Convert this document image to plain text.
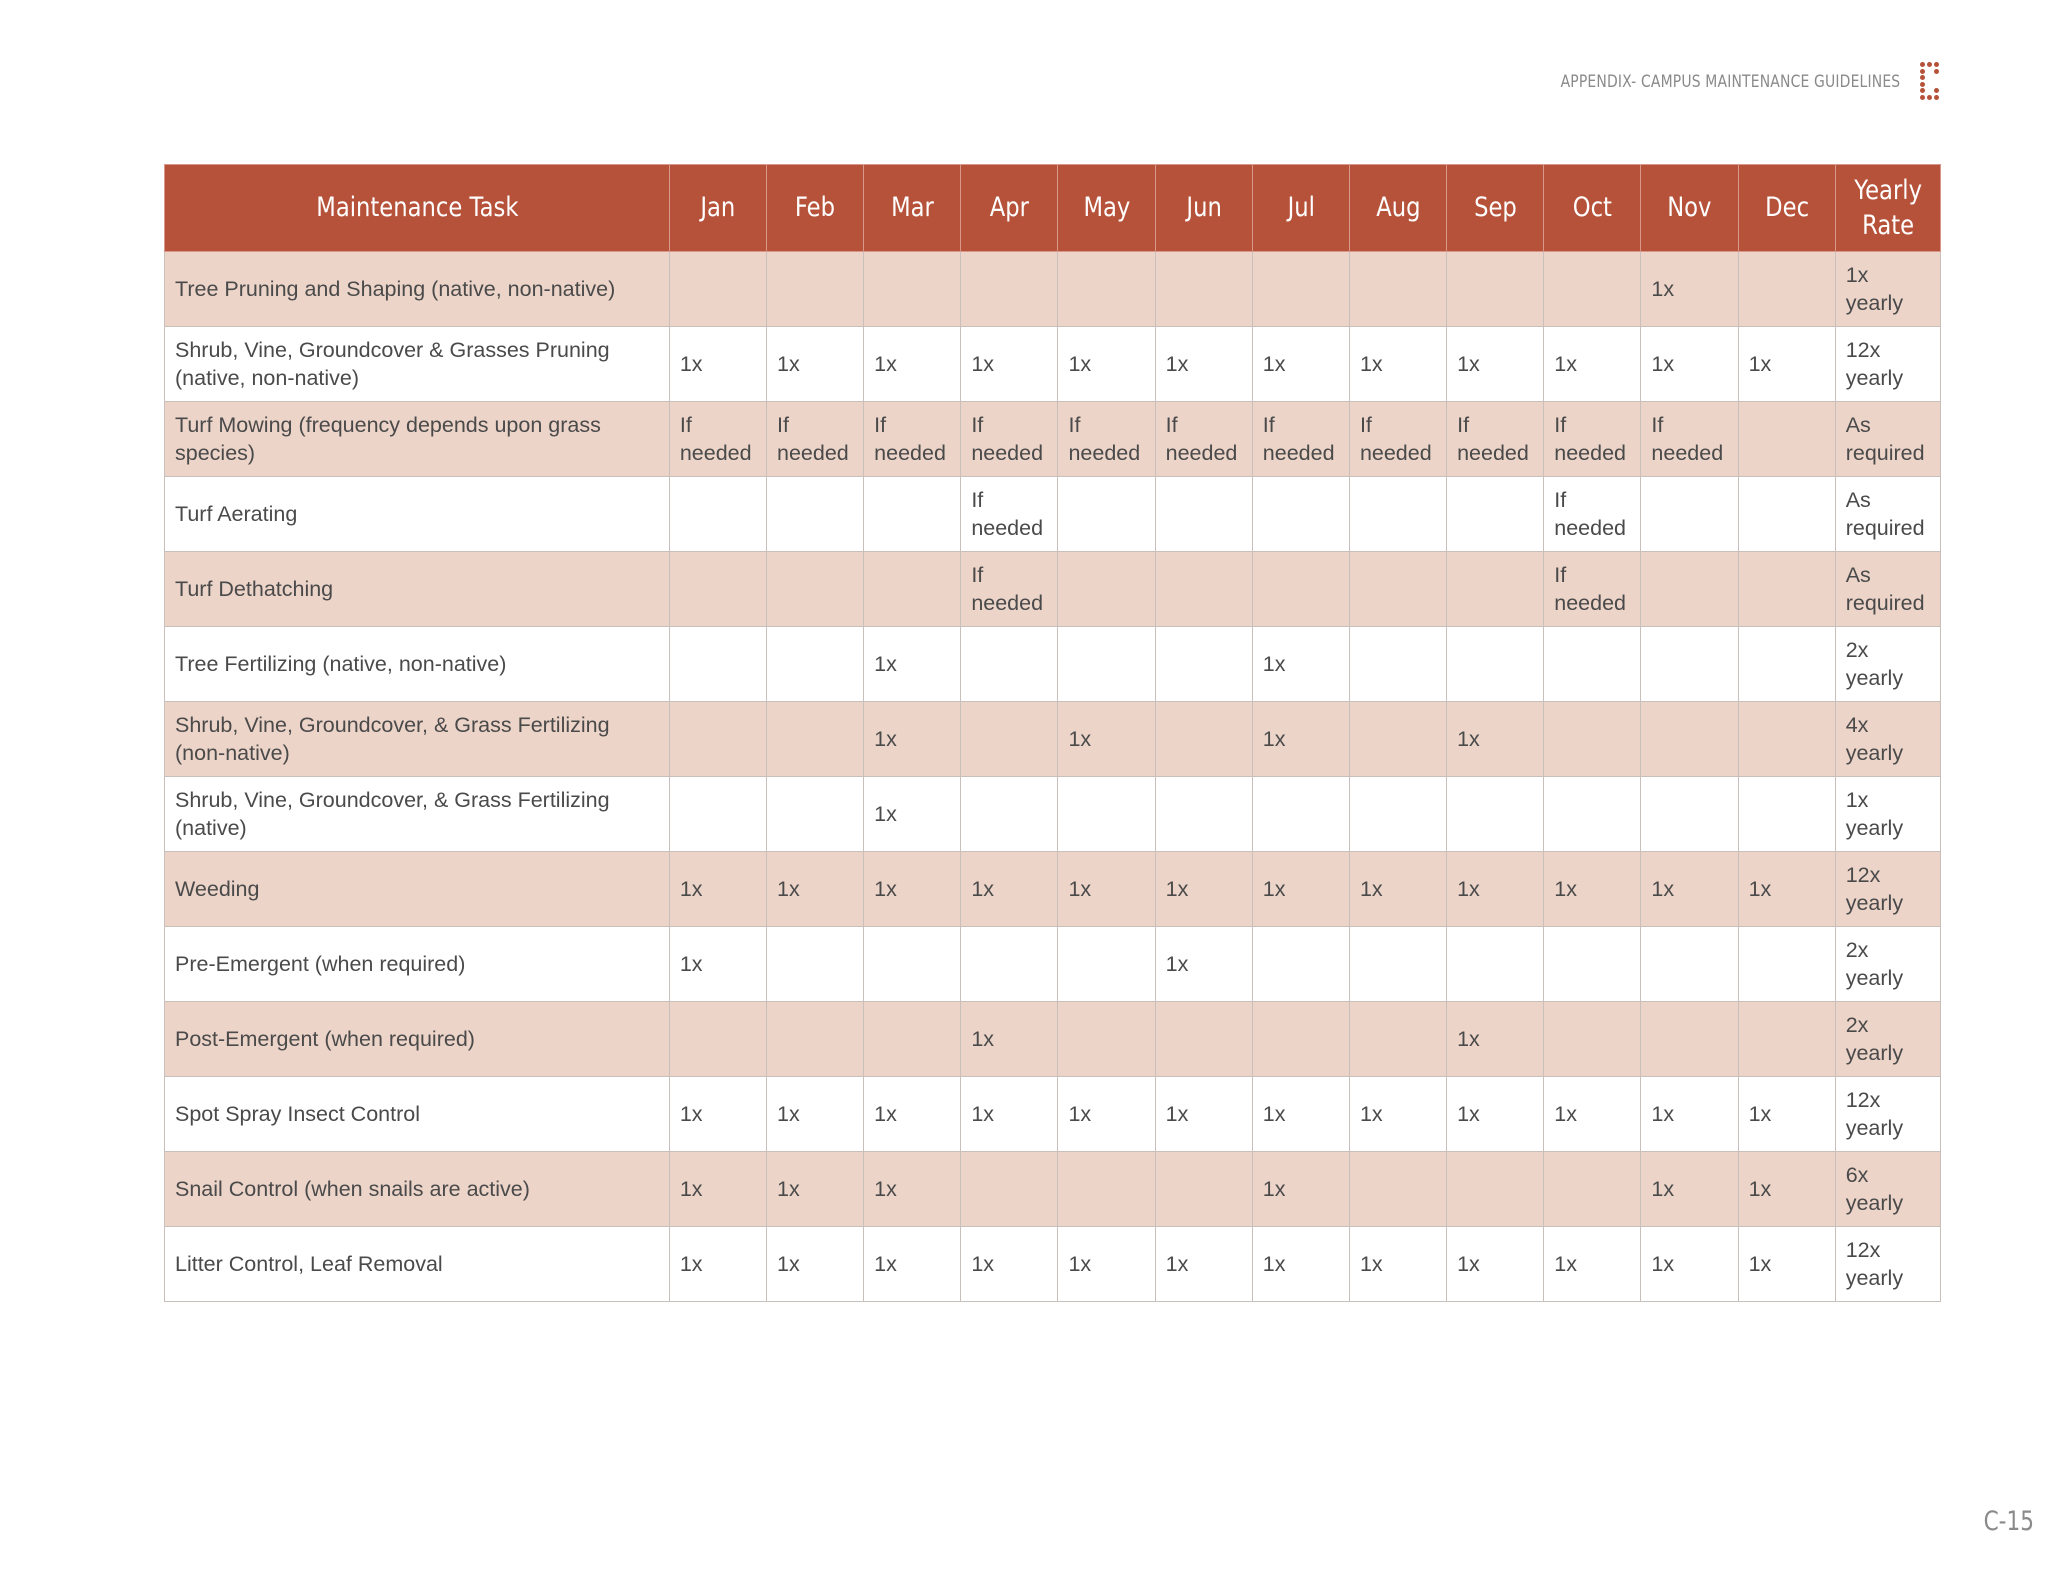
APPENDIX- CAMPUS MAINTENANCE GUIDELINES
Maintenance Task	Jan	Feb	Mar	Apr	May	Jun	Jul	Aug	Sep	Oct	Nov	Dec	Yearly Rate
Tree Pruning and Shaping (native, non-native)											1x		1x yearly
Shrub, Vine, Groundcover & Grasses Pruning (native, non-native)	1x	1x	1x	1x	1x	1x	1x	1x	1x	1x	1x	1x	12x yearly
Turf Mowing (frequency depends upon grass species)	If needed	If needed	If needed	If needed	If needed	If needed	If needed	If needed	If needed	If needed	If needed		As required
Turf Aerating				If needed						If needed			As required
Turf Dethatching				If needed						If needed			As required
Tree Fertilizing (native, non-native)			1x				1x						2x yearly
Shrub, Vine, Groundcover, & Grass Fertilizing (non-native)			1x		1x		1x		1x				4x yearly
Shrub, Vine, Groundcover, & Grass Fertilizing (native)			1x										1x yearly
Weeding	1x	1x	1x	1x	1x	1x	1x	1x	1x	1x	1x	1x	12x yearly
Pre-Emergent (when required)	1x					1x							2x yearly
Post-Emergent (when required)				1x					1x				2x yearly
Spot Spray Insect Control	1x	1x	1x	1x	1x	1x	1x	1x	1x	1x	1x	1x	12x yearly
Snail Control (when snails are active)	1x	1x	1x				1x				1x	1x	6x yearly
Litter Control, Leaf Removal	1x	1x	1x	1x	1x	1x	1x	1x	1x	1x	1x	1x	12x yearly
C-15
